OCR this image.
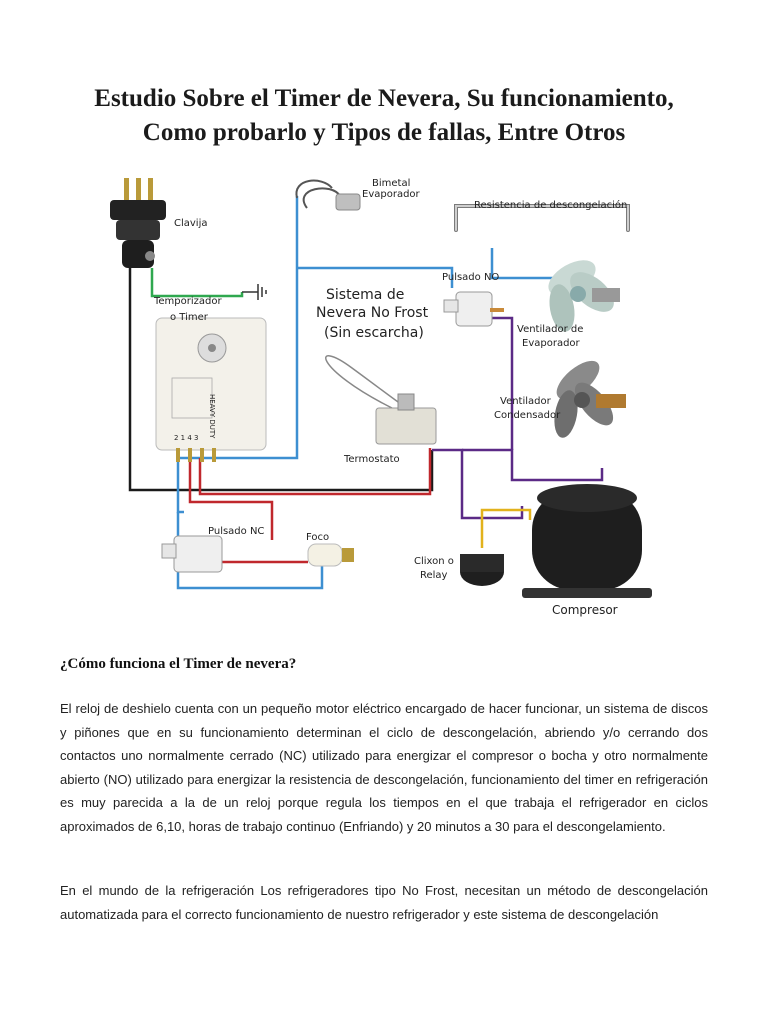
Estudio Sobre el Timer de Nevera, Su funcionamiento,
Como probarlo y Tipos de fallas, Entre Otros
Clavija
Bimetal
Evaporador
Resistencia de descongelación
Temporizador
o Timer
Sistema de
Nevera No Frost
(Sin escarcha)
Pulsado NO
Ventilador de
Evaporador
Ventilador
Condensador
Termostato
Pulsado NC
Foco
Clixon o
Relay
Compresor
2 1 4 3 HEAVY DUTY
¿Cómo funciona el Timer de nevera?

El reloj de deshielo cuenta con un pequeño motor eléctrico encargado de hacer funcionar, un sistema de discos y piñones que en su funcionamiento determinan el ciclo de descongelación, abriendo y/o cerrando dos contactos uno normalmente cerrado (NC) utilizado para energizar el compresor o bocha y otro normalmente abierto (NO) utilizado para energizar la resistencia de descongelación, funcionamiento del timer en refrigeración es muy parecida a la de un reloj porque regula los tiempos en el que trabaja el refrigerador en ciclos aproximados de 6,10, horas de trabajo continuo (Enfriando) y 20 minutos a 30 para el descongelamiento.

En el mundo de la refrigeración Los refrigeradores tipo No Frost, necesitan un método de descongelación automatizada para el correcto funcionamiento de nuestro refrigerador y este sistema de descongelación
